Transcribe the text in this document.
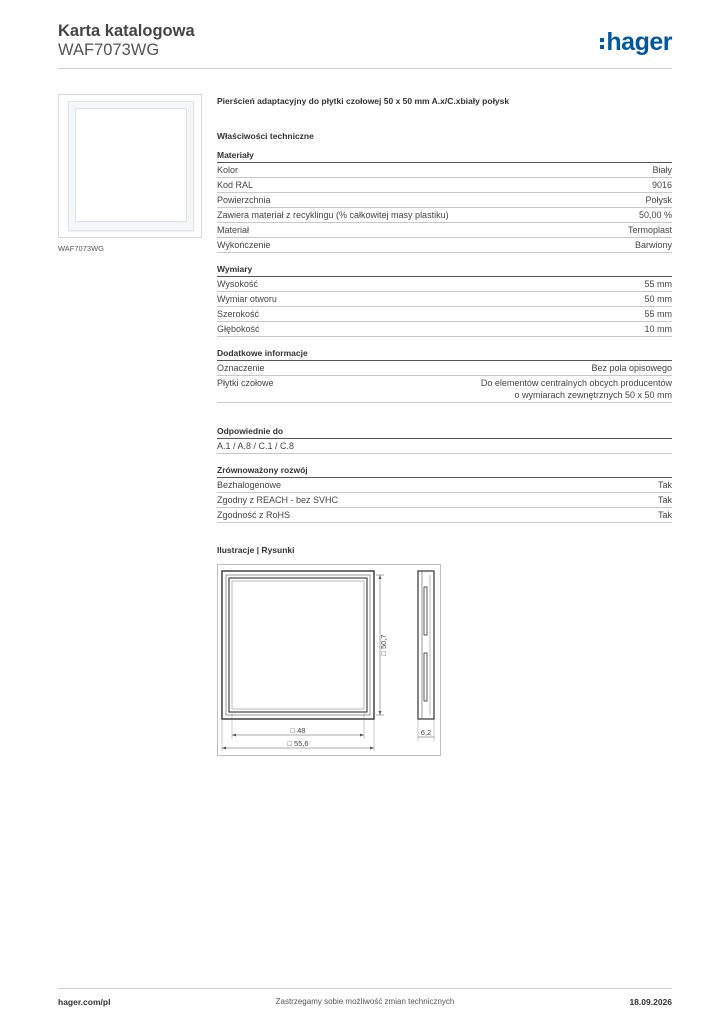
Karta katalogowa
WAF7073WG	hager
WAF7073WG
Pierścień adaptacyjny do płytki czołowej 50 x 50 mm A.x/C.xbiały połysk
Właściwości techniczne
Materiały
Kolor	Biały
Kod RAL	9016
Powierzchnia	Połysk
Zawiera materiał z recyklingu (% całkowitej masy plastiku)	50,00 %
Materiał	Termoplast
Wykończenie	Barwiony
Wymiary
Wysokość	55 mm
Wymiar otworu	50 mm
Szerokość	55 mm
Głębokość	10 mm
Dodatkowe informacje
Oznaczenie	Bez pola opisowego
Płytki czołowe	Do elementów centralnych obcych producentów
o wymiarach zewnętrznych 50 x 50 mm
Odpowiednie do
A.1 / A.8 / C.1 / C.8
Zrównoważony rozwój
Bezhalogenowe	Tak
Zgodny z REACH - bez SVHC	Tak
Zgodność z RoHS	Tak
Ilustracje | Rysunki
□ 50,7
□ 48
□ 55,6
6,2
hager.com/pl	Zastrzegamy sobie możliwość zmian technicznych	18.09.2026
